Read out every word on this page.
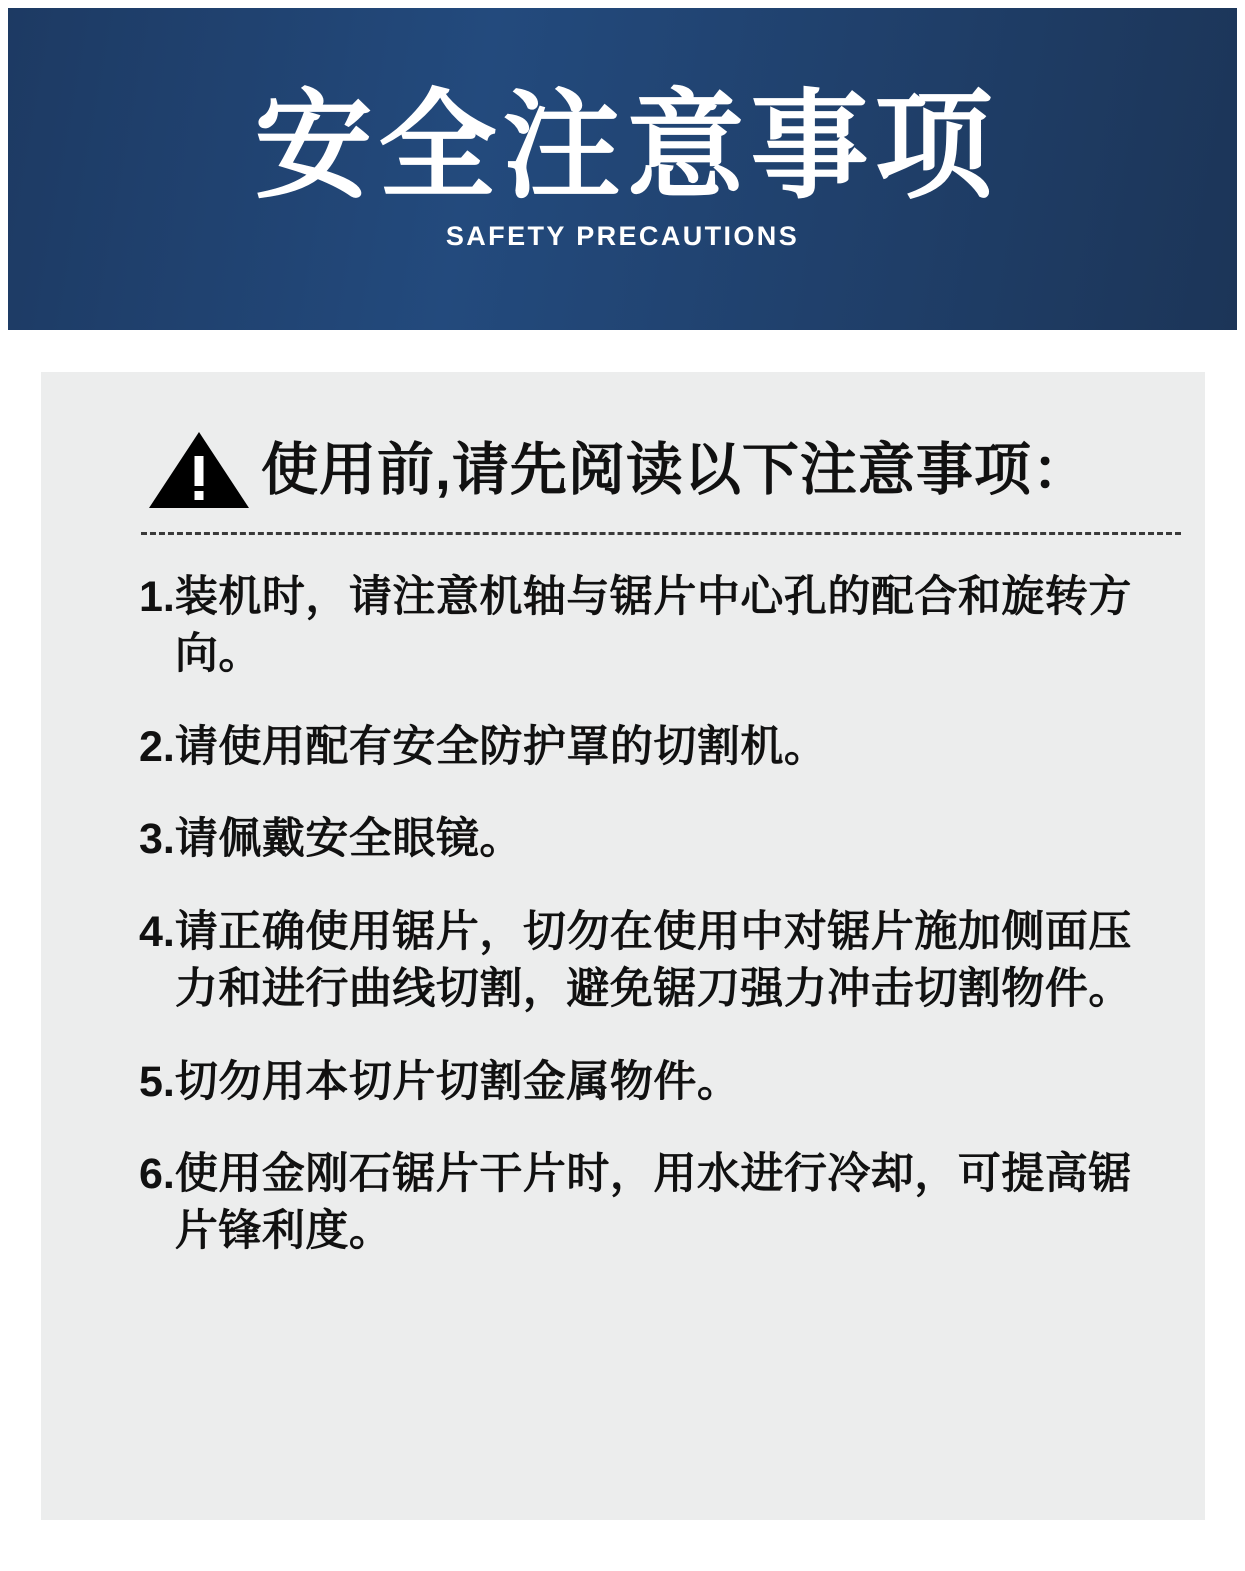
安全注意事项
SAFETY PRECAUTIONS
使用前,请先阅读以下注意事项：
1. 装机时，请注意机轴与锯片中心孔的配合和旋转方向。
2. 请使用配有安全防护罩的切割机。
3. 请佩戴安全眼镜。
4. 请正确使用锯片，切勿在使用中对锯片施加侧面压力和进行曲线切割，避免锯刀强力冲击切割物件。
5. 切勿用本切片切割金属物件。
6. 使用金刚石锯片干片时，用水进行冷却，可提高锯片锋利度。
